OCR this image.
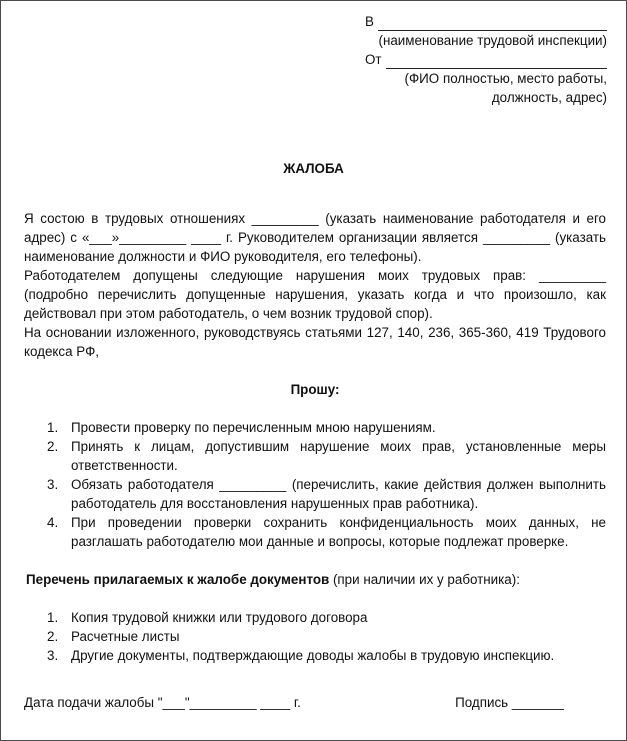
В
(наименование трудовой инспекции)
От
(ФИО полностью, место работы,
должность, адрес)
ЖАЛОБА

Я состою в трудовых отношениях _________ (указать наименование работодателя и его адрес) с «___»_________ ____ г. Руководителем организации является _________ (указать наименование должности и ФИО руководителя, его телефоны).

Работодателем допущены следующие нарушения моих трудовых прав: _________ (подробно перечислить допущенные нарушения, указать когда и что произошло, как действовал при этом работодатель, о чем возник трудовой спор).

На основании изложенного, руководствуясь статьями 127, 140, 236, 365-360, 419 Трудового кодекса РФ,

Прошу:

1. Провести проверку по перечисленным мною нарушениям.
2. Принять к лицам, допустившим нарушение моих прав, установленные меры ответственности.
3. Обязать работодателя _________ (перечислить, какие действия должен выполнить работодатель для восстановления нарушенных прав работника).
4. При проведении проверки сохранить конфиденциальность моих данных, не разглашать работодателю мои данные и вопросы, которые подлежат проверке.

Перечень прилагаемых к жалобе документов (при наличии их у работника):

1. Копия трудовой книжки или трудового договора
2. Расчетные листы
3. Другие документы, подтверждающие доводы жалобы в трудовую инспекцию.
Дата подачи жалобы "___"_________ ____ г.	Подпись _______
